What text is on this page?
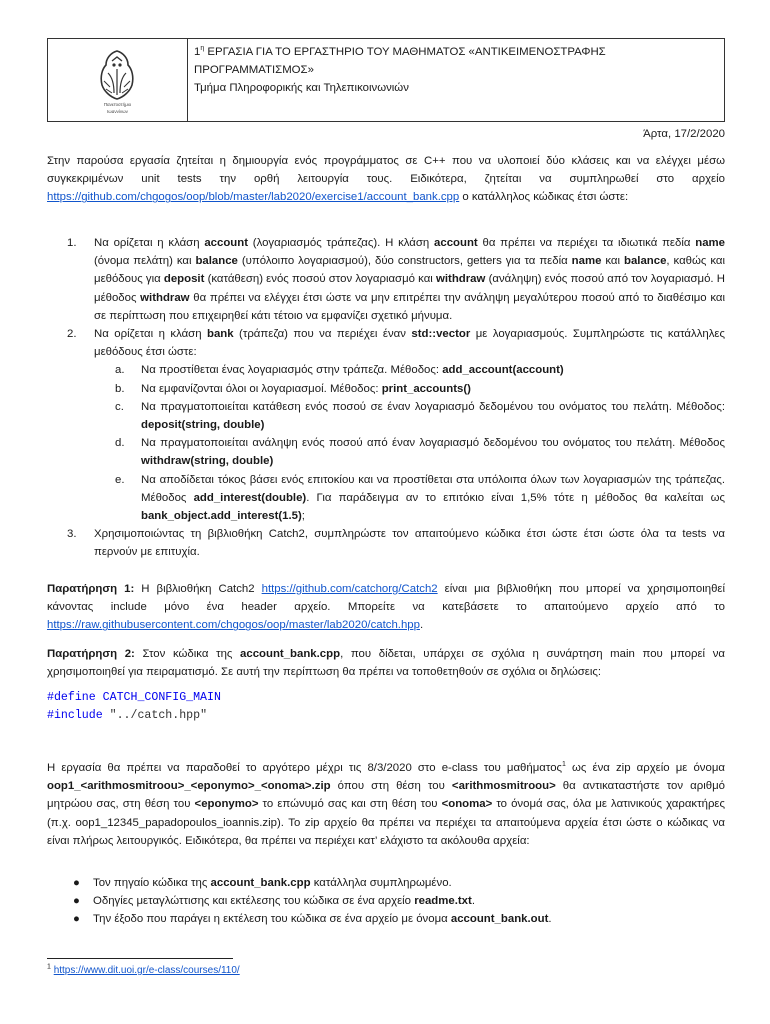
Πανεπιστήμιο
Ιωαννίνων
$1^\eta$ ΕΡΓΑΣΙΑ ΓΙΑ ΤΟ ΕΡΓΑΣΤΗΡΙΟ ΤΟΥ ΜΑΘΗΜΑΤΟΣ «ΑΝΤΙΚΕΙΜΕΝΟΣΤΡΑΦΗΣ
ΠΡΟΓΡΑΜΜΑΤΙΣΜΟΣ»
Τμήμα Πληροφορικής και Τηλεπικοινωνιών
Άρτα, 17/2/2020

Στην παρούσα εργασία ζητείται η δημιουργία ενός προγράμματος σε C++ που να υλοποιεί δύο κλάσεις και να ελέγχει μέσω συγκεκριμένων unit tests την ορθή λειτουργία τους. Ειδικότερα, ζητείται να συμπληρωθεί στο αρχείο https://github.com/chgogos/oop/blob/master/lab2020/exercise1/account_bank.cpp ο κατάλληλος κώδικας έτσι ώστε:

1. Να ορίζεται η κλάση account (λογαριασμός τράπεζας). Η κλάση account θα πρέπει να περιέχει τα ιδιωτικά πεδία name (όνομα πελάτη) και balance (υπόλοιπο λογαριασμού), δύο constructors, getters για τα πεδία name και balance, καθώς και μεθόδους για deposit (κατάθεση) ενός ποσού στον λογαριασμό και withdraw (ανάληψη) ενός ποσού από τον λογαριασμό. Η μέθοδος withdraw θα πρέπει να ελέγχει έτσι ώστε να μην επιτρέπει την ανάληψη μεγαλύτερου ποσού από το διαθέσιμο και σε περίπτωση που επιχειρηθεί κάτι τέτοιο να εμφανίζει σχετικό μήνυμα.
2. Να ορίζεται η κλάση bank (τράπεζα) που να περιέχει έναν std::vector με λογαριασμούς. Συμπληρώστε τις κατάλληλες μεθόδους έτσι ώστε:
a. Να προστίθεται ένας λογαριασμός στην τράπεζα. Μέθοδος: add_account(account)
b. Να εμφανίζονται όλοι οι λογαριασμοί. Μέθοδος: print_accounts()
c. Να πραγματοποιείται κατάθεση ενός ποσού σε έναν λογαριασμό δεδομένου του ονόματος του πελάτη. Μέθοδος: deposit(string, double)
d. Να πραγματοποιείται ανάληψη ενός ποσού από έναν λογαριασμό δεδομένου του ονόματος του πελάτη. Μέθοδος withdraw(string, double)
e. Να αποδίδεται τόκος βάσει ενός επιτοκίου και να προστίθεται στα υπόλοιπα όλων των λογαριασμών της τράπεζας. Μέθοδος add_interest(double). Για παράδειγμα αν το επιτόκιο είναι 1,5% τότε η μέθοδος θα καλείται ως bank_object.add_interest(1.5);
3. Χρησιμοποιώντας τη βιβλιοθήκη Catch2, συμπληρώστε τον απαιτούμενο κώδικα έτσι ώστε έτσι ώστε όλα τα tests να περνούν με επιτυχία.

Παρατήρηση 1: Η βιβλιοθήκη Catch2 https://github.com/catchorg/Catch2 είναι μια βιβλιοθήκη που μπορεί να χρησιμοποιηθεί κάνοντας include μόνο ένα header αρχείο. Μπορείτε να κατεβάσετε το απαιτούμενο αρχείο από το https://raw.githubusercontent.com/chgogos/oop/master/lab2020/catch.hpp.

Παρατήρηση 2: Στον κώδικα της account_bank.cpp, που δίδεται, υπάρχει σε σχόλια η συνάρτηση main που μπορεί να χρησιμοποιηθεί για πειραματισμό. Σε αυτή την περίπτωση θα πρέπει να τοποθετηθούν σε σχόλια οι δηλώσεις:

#define CATCH_CONFIG_MAIN
#include "../catch.hpp"

Η εργασία θα πρέπει να παραδοθεί το αργότερο μέχρι τις 8/3/2020 στο e-class του μαθήματος$^1$ ως ένα zip αρχείο με όνομα oop1_<arithmosmitroou>_<eponymo>_<onoma>.zip όπου στη θέση του <arithmosmitroou> θα αντικαταστήστε τον αριθμό μητρώου σας, στη θέση του <eponymo> το επώνυμό σας και στη θέση του <onoma> το όνομά σας, όλα με λατινικούς χαρακτήρες (π.χ. oop1_12345_papadopoulos_ioannis.zip). Το zip αρχείο θα πρέπει να περιέχει τα απαιτούμενα αρχεία έτσι ώστε ο κώδικας να είναι πλήρως λειτουργικός. Ειδικότερα, θα πρέπει να περιέχει κατ’ ελάχιστο τα ακόλουθα αρχεία:

● Τον πηγαίο κώδικα της account_bank.cpp κατάλληλα συμπληρωμένο.
● Οδηγίες μεταγλώττισης και εκτέλεσης του κώδικα σε ένα αρχείο readme.txt.
● Την έξοδο που παράγει η εκτέλεση του κώδικα σε ένα αρχείο με όνομα account_bank.out.
$^1$ https://www.dit.uoi.gr/e-class/courses/110/
